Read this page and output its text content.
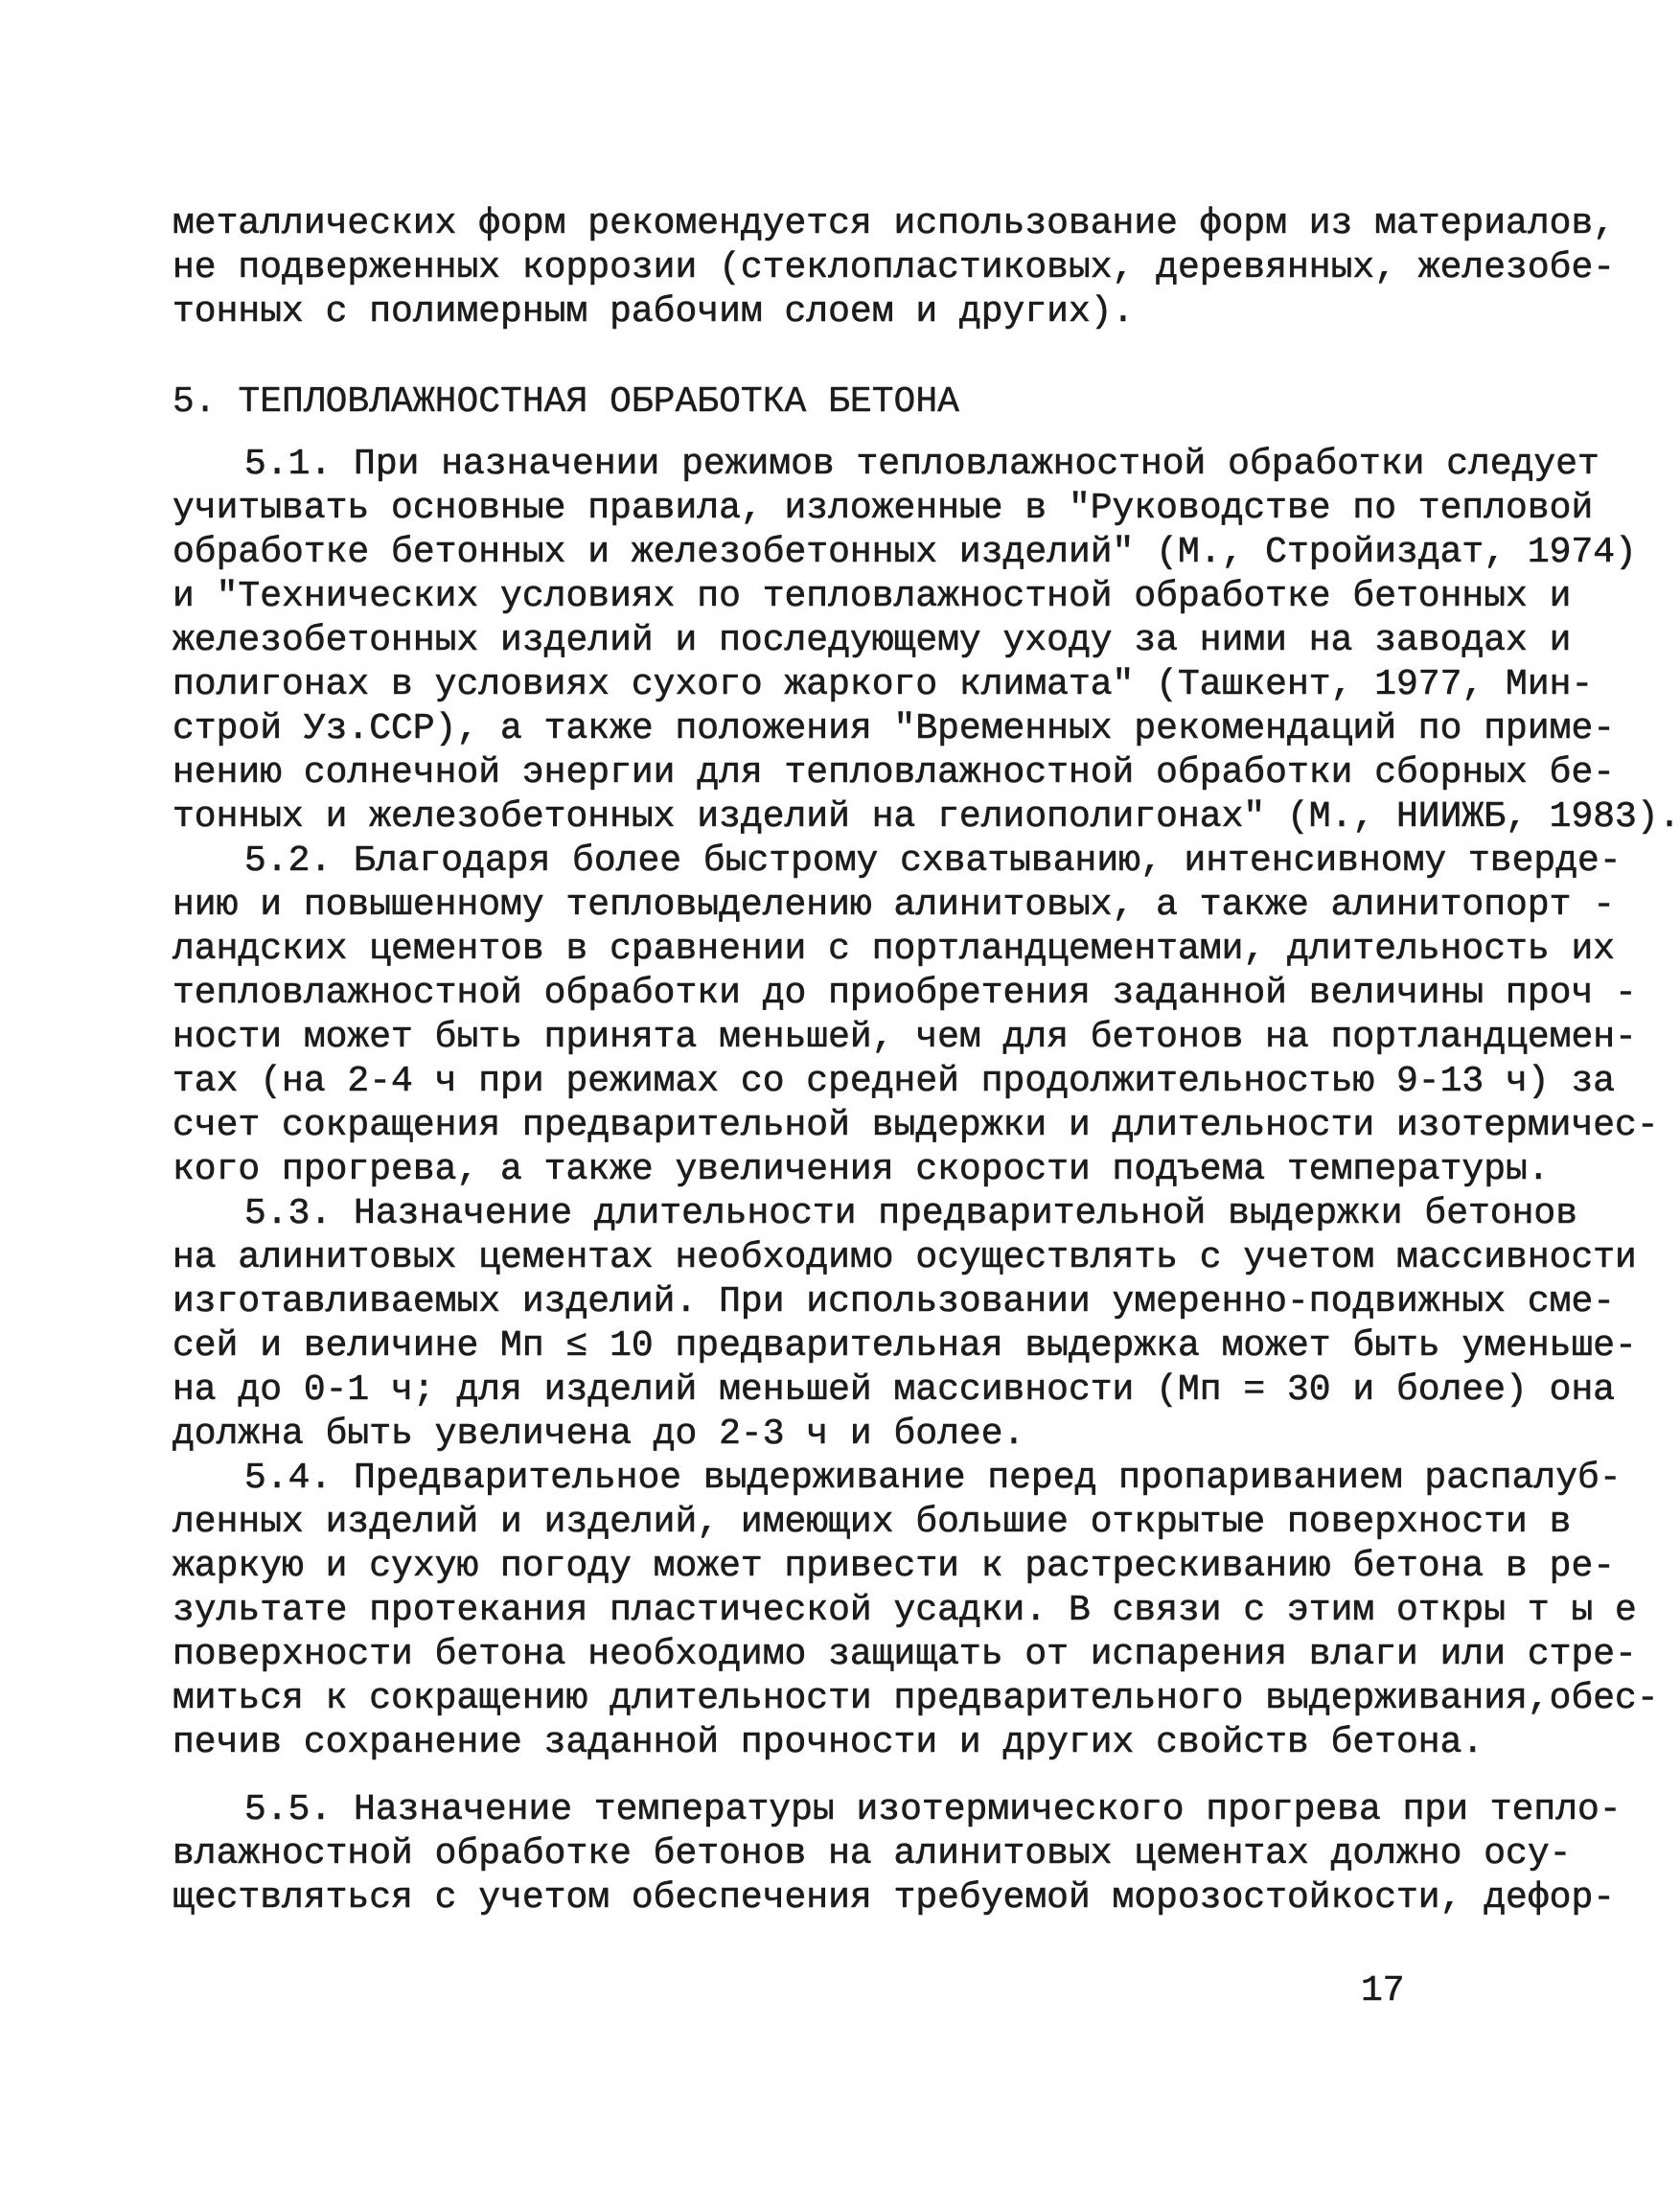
металлических форм рекомендуется использование форм из материалов,
не подверженных коррозии (стеклопластиковых, деревянных, железобе-
тонных с полимерным рабочим слоем и других).
5. ТЕПЛОВЛАЖНОСТНАЯ ОБРАБОТКА БЕТОНА
5.1. При назначении режимов тепловлажностной обработки следует
учитывать основные правила, изложенные в "Руководстве по тепловой
обработке бетонных и железобетонных изделий" (М., Стройиздат, 1974)
и "Технических условиях по тепловлажностной обработке бетонных и
железобетонных изделий и последующему уходу за ними на заводах и
полигонах в условиях сухого жаркого климата" (Ташкент, 1977, Мин-
строй Уз.ССР), а также положения "Временных рекомендаций по приме-
нению солнечной энергии для тепловлажностной обработки сборных бе-
тонных и железобетонных изделий на гелиополигонах" (М., НИИЖБ, 1983).
5.2. Благодаря более быстрому схватыванию, интенсивному тверде-
нию и повышенному тепловыделению алинитовых, а также алинитопорт -
ландских цементов в сравнении с портландцементами, длительность их
тепловлажностной обработки до приобретения заданной величины проч -
ности может быть принята меньшей, чем для бетонов на портландцемен-
тах (на 2-4 ч при режимах со средней продолжительностью 9-13 ч) за
счет сокращения предварительной выдержки и длительности изотермичес-
кого прогрева, а также увеличения скорости подъема температуры.
5.3. Назначение длительности предварительной выдержки бетонов
на алинитовых цементах необходимо осуществлять с учетом массивности
изготавливаемых изделий. При использовании умеренно-подвижных сме-
сей и величине Мп ≤ 10 предварительная выдержка может быть уменьше-
на до 0-1 ч; для изделий меньшей массивности (Мп = 30 и более) она
должна быть увеличена до 2-3 ч и более.
5.4. Предварительное выдерживание перед пропариванием распалуб-
ленных изделий и изделий, имеющих большие открытые поверхности в
жаркую и сухую погоду может привести к растрескиванию бетона в ре-
зультате протекания пластической усадки. В связи с этим откры т ы е
поверхности бетона необходимо защищать от испарения влаги или стре-
миться к сокращению длительности предварительного выдерживания,обес-
печив сохранение заданной прочности и других свойств бетона.
5.5. Назначение температуры изотермического прогрева при тепло-
влажностной обработке бетонов на алинитовых цементах должно осу-
ществляться с учетом обеспечения требуемой морозостойкости, дефор-
17
